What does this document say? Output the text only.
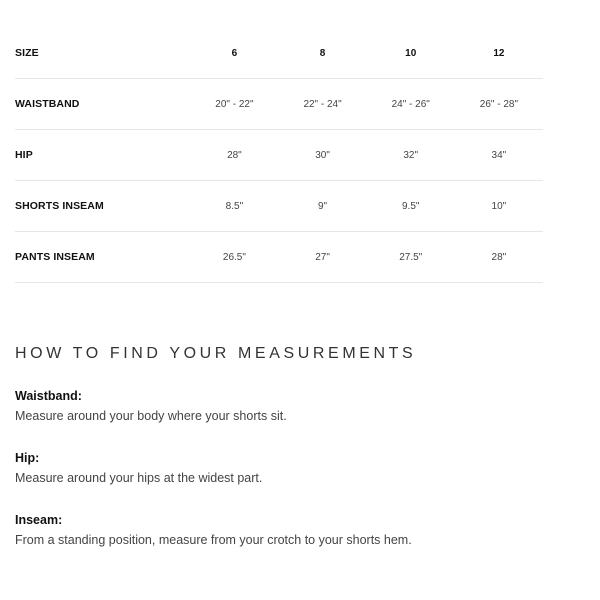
SIZE	6	8	10	12
WAISTBAND	20" - 22"	22" - 24"	24" - 26"	26" - 28"
HIP	28"	30"	32"	34"
SHORTS INSEAM	8.5"	9"	9.5"	10"
PANTS INSEAM	26.5"	27"	27.5"	28"
HOW TO FIND YOUR MEASUREMENTS

Waistband:

Measure around your body where your shorts sit.

Hip:

Measure around your hips at the widest part.

Inseam:

From a standing position, measure from your crotch to your shorts hem.
